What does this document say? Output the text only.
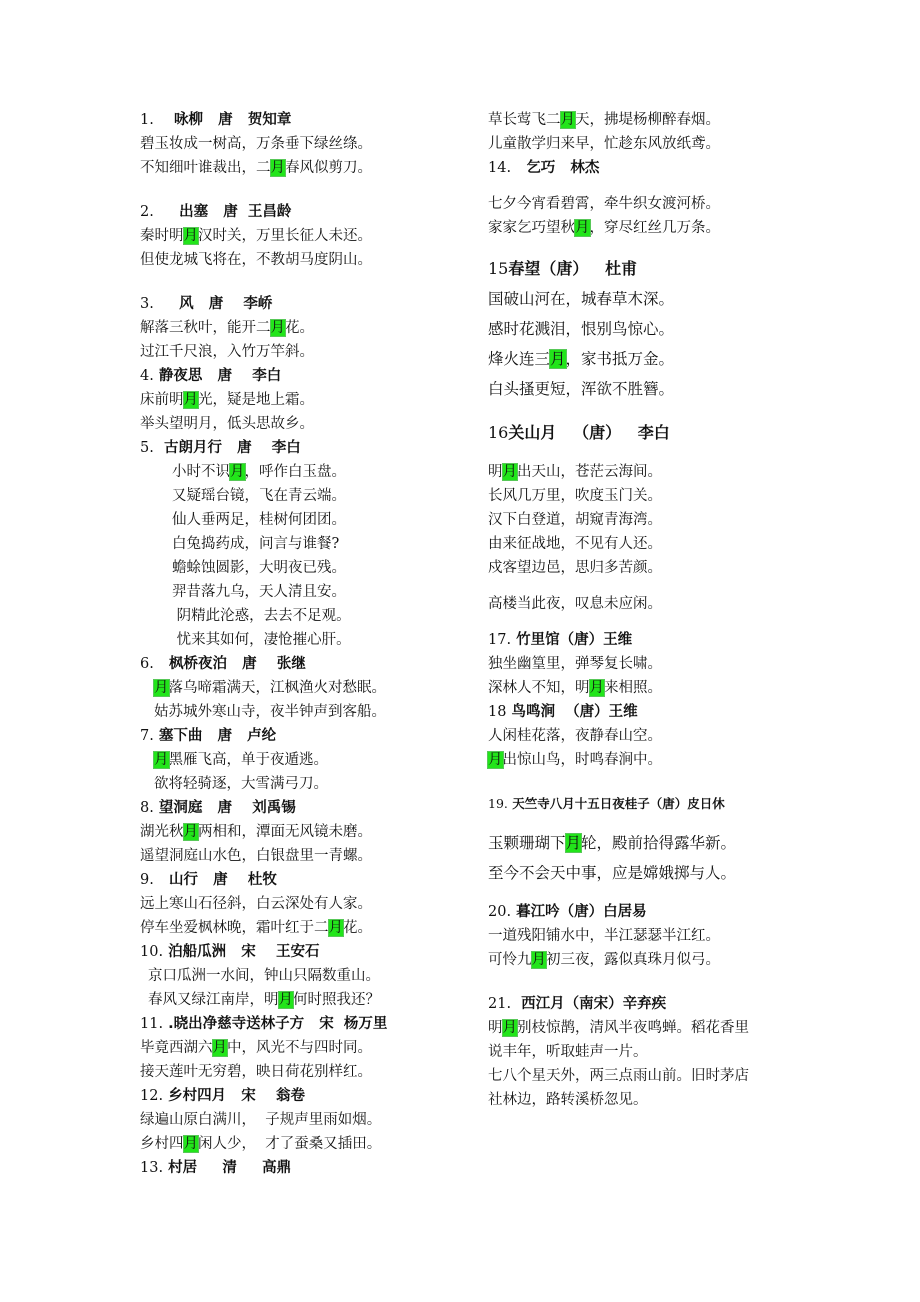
1.    咏柳   唐   贺知章
碧玉妆成一树高，万条垂下绿丝绦。
不知细叶谁裁出，二月春风似剪刀。
2.     出塞   唐  王昌龄
秦时明月汉时关，万里长征人未还。
但使龙城飞将在，不教胡马度阴山。
3.     风   唐    李峤
解落三秋叶，能开二月花。
过江千尺浪，入竹万竿斜。
4. 静夜思   唐    李白
床前明月光，疑是地上霜。
举头望明月，低头思故乡。
5.  古朗月行   唐    李白
小时不识月，呼作白玉盘。
又疑瑶台镜，飞在青云端。
仙人垂两足，桂树何团团。
白兔捣药成，问言与谁餐?
蟾蜍蚀圆影，大明夜已残。
羿昔落九乌，天人清且安。
阴精此沦惑，去去不足观。
忧来其如何，凄怆摧心肝。
6.   枫桥夜泊   唐    张继
月落乌啼霜满天，江枫渔火对愁眠。
姑苏城外寒山寺，夜半钟声到客船。
7. 塞下曲   唐   卢纶
月黑雁飞高，单于夜遁逃。
欲将轻骑逐，大雪满弓刀。
8. 望洞庭   唐    刘禹锡
湖光秋月两相和，潭面无风镜未磨。
遥望洞庭山水色，白银盘里一青螺。
9.   山行   唐    杜牧
远上寒山石径斜，白云深处有人家。
停车坐爱枫林晚，霜叶红于二月花。
10. 泊船瓜洲   宋    王安石
京口瓜洲一水间，钟山只隔数重山。
春风又绿江南岸，明月何时照我还？
11. .晓出净慈寺送林子方   宋  杨万里
毕竟西湖六月中，风光不与四时同。
接天莲叶无穷碧，映日荷花别样红。
12. 乡村四月   宋    翁卷
绿遍山原白满川，  子规声里雨如烟。
乡村四月闲人少，  才了蚕桑又插田。
13. 村居     清     高鼎
草长莺飞二月天，拂堤杨柳醉春烟。
儿童散学归来早，忙趁东风放纸鸢。
14.   乞巧   林杰
七夕今宵看碧霄，牵牛织女渡河桥。
家家乞巧望秋月，穿尽红丝几万条。
15春望（唐）   杜甫
国破山河在，城春草木深。
感时花溅泪，恨别鸟惊心。
烽火连三月，家书抵万金。
白头搔更短，浑欲不胜簪。
16关山月   （唐）   李白
明月出天山，苍茫云海间。
长风几万里，吹度玉门关。
汉下白登道，胡窥青海湾。
由来征战地，不见有人还。
戍客望边邑，思归多苦颜。
高楼当此夜，叹息未应闲。
17. 竹里馆（唐）王维
独坐幽篁里，弹琴复长啸。
深林人不知，明月来相照。
18 鸟鸣涧  （唐）王维
人闲桂花落，夜静春山空。
月出惊山鸟，时鸣春涧中。
19. 天竺寺八月十五日夜桂子（唐）皮日休
玉颗珊瑚下月轮，殿前拾得露华新。
至今不会天中事，应是嫦娥掷与人。
20. 暮江吟（唐）白居易
一道残阳铺水中，半江瑟瑟半江红。
可怜九月初三夜，露似真珠月似弓。
21.  西江月（南宋）辛弃疾
明月别枝惊鹊，清风半夜鸣蝉。稻花香里
说丰年，听取蛙声一片。
七八个星天外，两三点雨山前。旧时茅店
社林边，路转溪桥忽见。
